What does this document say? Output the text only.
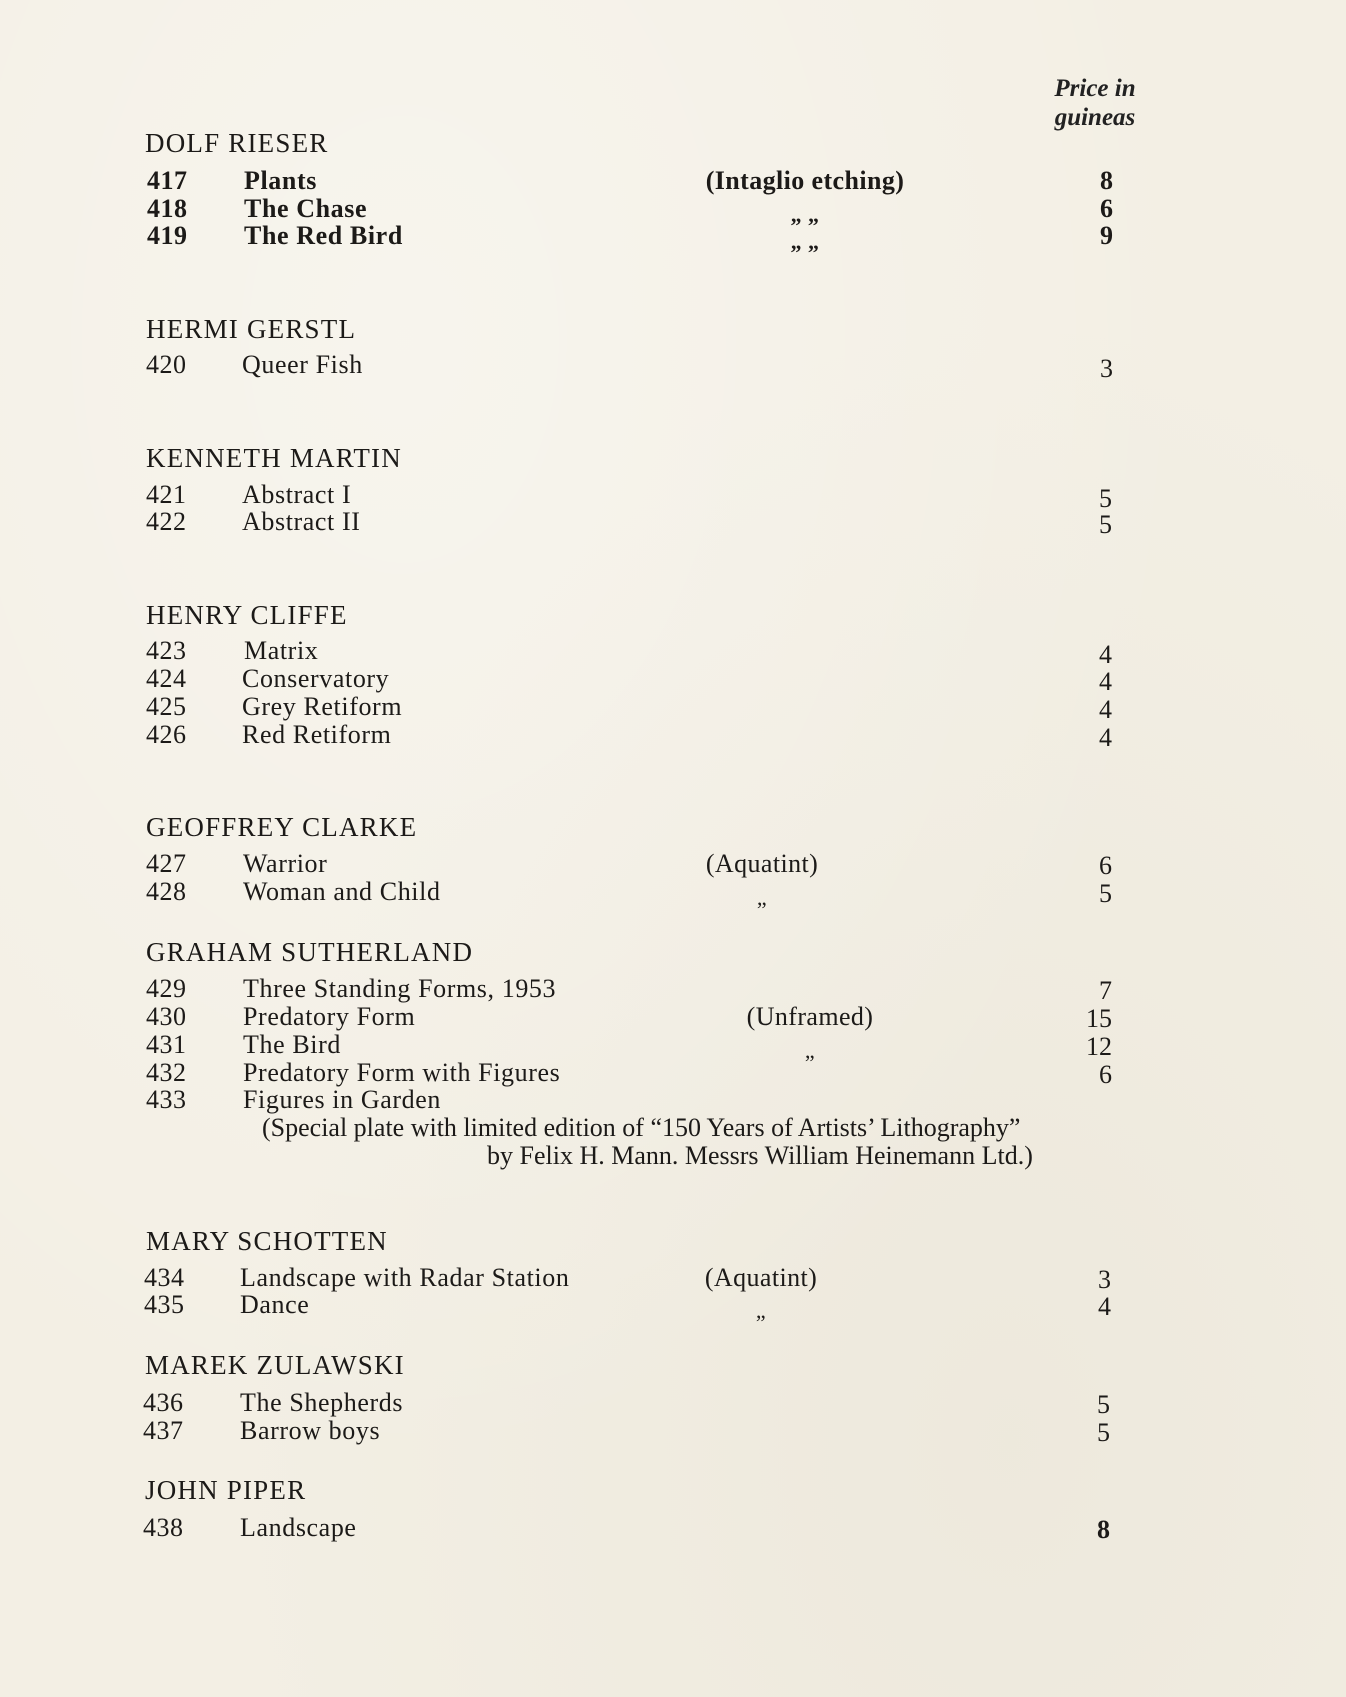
Price in
guineas
DOLF RIESER
417 Plants	(Intaglio etching)	8
418 The Chase	„ „	6
419 The Red Bird	„ „	9
HERMI GERSTL
420 Queer Fish	3
KENNETH MARTIN
421 Abstract I	5
422 Abstract II	5
HENRY CLIFFE
423 Matrix	4
424 Conservatory	4
425 Grey Retiform	4
426 Red Retiform	4
GEOFFREY CLARKE
427 Warrior	(Aquatint)	6
428 Woman and Child	„	5
GRAHAM SUTHERLAND
429 Three Standing Forms, 1953	7
430 Predatory Form	(Unframed)	15
431 The Bird	„	12
432 Predatory Form with Figures	6
433 Figures in Garden
(Special plate with limited edition of “150 Years of Artists’ Lithography”
by Felix H. Mann. Messrs William Heinemann Ltd.)
MARY SCHOTTEN
434 Landscape with Radar Station	(Aquatint)	3
435 Dance	„	4
MAREK ZULAWSKI
436 The Shepherds	5
437 Barrow boys	5
JOHN PIPER
438 Landscape	8
